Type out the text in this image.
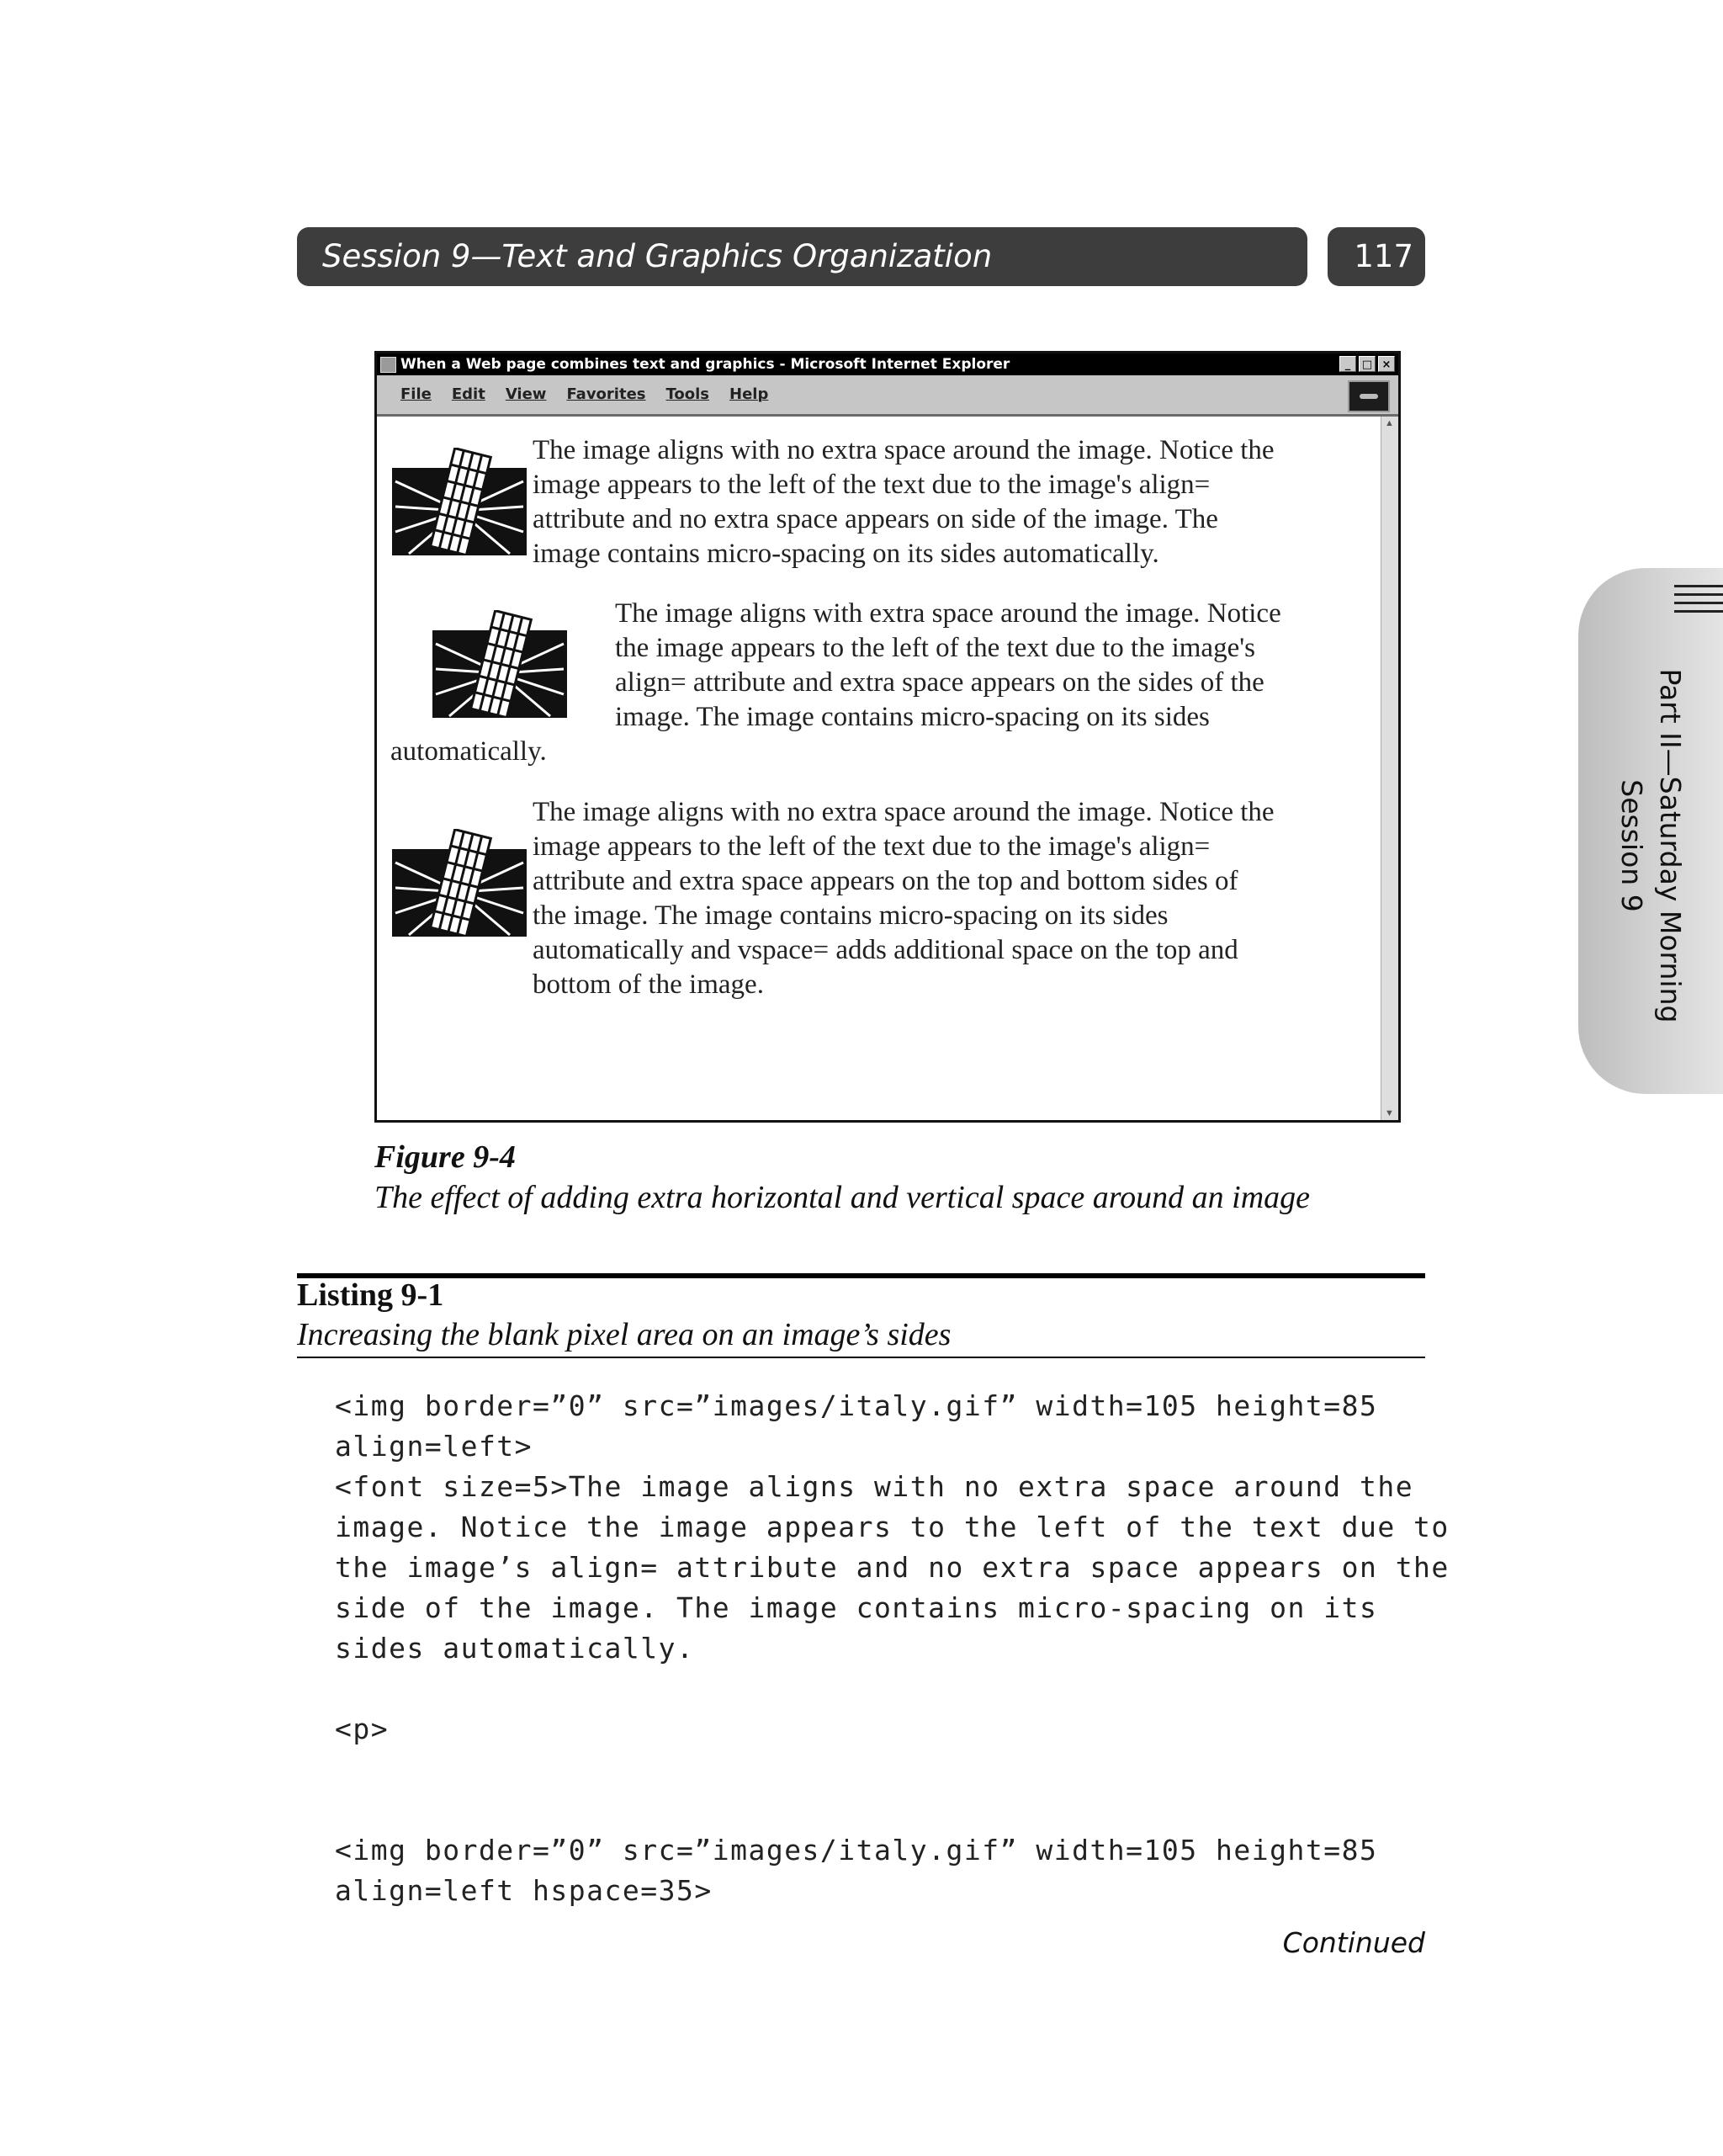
Session 9—Text and Graphics Organization	117
Part II—Saturday Morning
Session 9
When a Web page combines text and graphics - Microsoft Internet Explorer	_	□ ×
File Edit View Favorites Tools Help
The image aligns with no extra space around the image. Notice the
image appears to the left of the text due to the image's align=
attribute and no extra space appears on side of the image. The
image contains micro-spacing on its sides automatically.
The image aligns with extra space around the image. Notice
the image appears to the left of the text due to the image's
align= attribute and extra space appears on the sides of the
image. The image contains micro-spacing on its sides
automatically.
The image aligns with no extra space around the image. Notice the
image appears to the left of the text due to the image's align=
attribute and extra space appears on the top and bottom sides of
the image. The image contains micro-spacing on its sides
automatically and vspace= adds additional space on the top and
bottom of the image.
▲
▼
Figure 9-4
The effect of adding extra horizontal and vertical space around an image
Listing 9-1
Increasing the blank pixel area on an image’s sides
<img border=”0” src=”images/italy.gif” width=105 height=85
align=left>
<font size=5>The image aligns with no extra space around the
image. Notice the image appears to the left of the text due to
the image’s align= attribute and no extra space appears on the
side of the image. The image contains micro-spacing on its
sides automatically.

<p>

<img border=”0” src=”images/italy.gif” width=105 height=85
align=left hspace=35>
Continued
